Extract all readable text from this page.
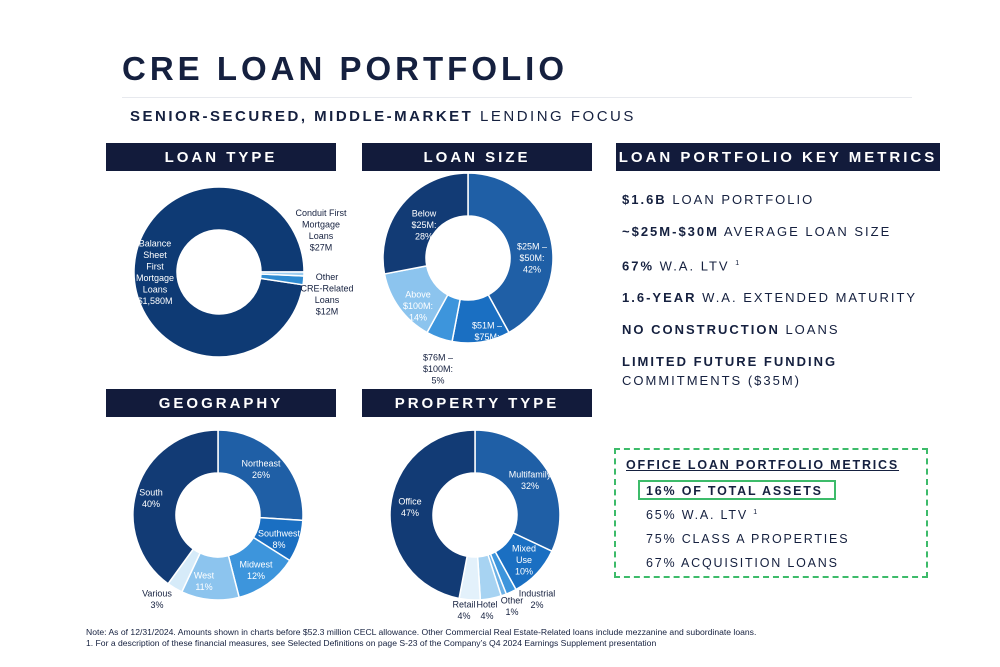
CRE LOAN PORTFOLIO
SENIOR-SECURED, MIDDLE-MARKET LENDING FOCUS
LOAN TYPE	LOAN SIZE
GEOGRAPHY	PROPERTY TYPE
LOAN PORTFOLIO KEY METRICS
Balance Sheet First Mortgage Loans $1,580M
Conduit First Mortgage Loans $27M
Other CRE-Related Loans $12M
$25M – $50M: 42%
$51M – $75M: 11%
$76M – $100M: 5%
Above $100M: 14%
Below $25M: 28%
Northeast 26%
Southwest 8%
Midwest 12%
West 11%
Various 3%
South 40%
Multifamily 32%
Mixed Use 10%
Industrial 2%
Other 1%
Hotel 4%
Retail 4%
Office 47%
$1.6B LOAN PORTFOLIO
~$25M-$30M AVERAGE LOAN SIZE
67% W.A. LTV $^1$
1.6-YEAR W.A. EXTENDED MATURITY
NO CONSTRUCTION LOANS
LIMITED FUTURE FUNDING
COMMITMENTS ($35M)
OFFICE LOAN PORTFOLIO METRICS
16% OF TOTAL ASSETS
65% W.A. LTV $^1$
75% CLASS A PROPERTIES
67% ACQUISITION LOANS
Note: As of 12/31/2024. Amounts shown in charts before $52.3 million CECL allowance. Other Commercial Real Estate-Related loans include mezzanine and subordinate loans.
1. For a description of these financial measures, see Selected Definitions on page S-23 of the Company’s Q4 2024 Earnings Supplement presentation
